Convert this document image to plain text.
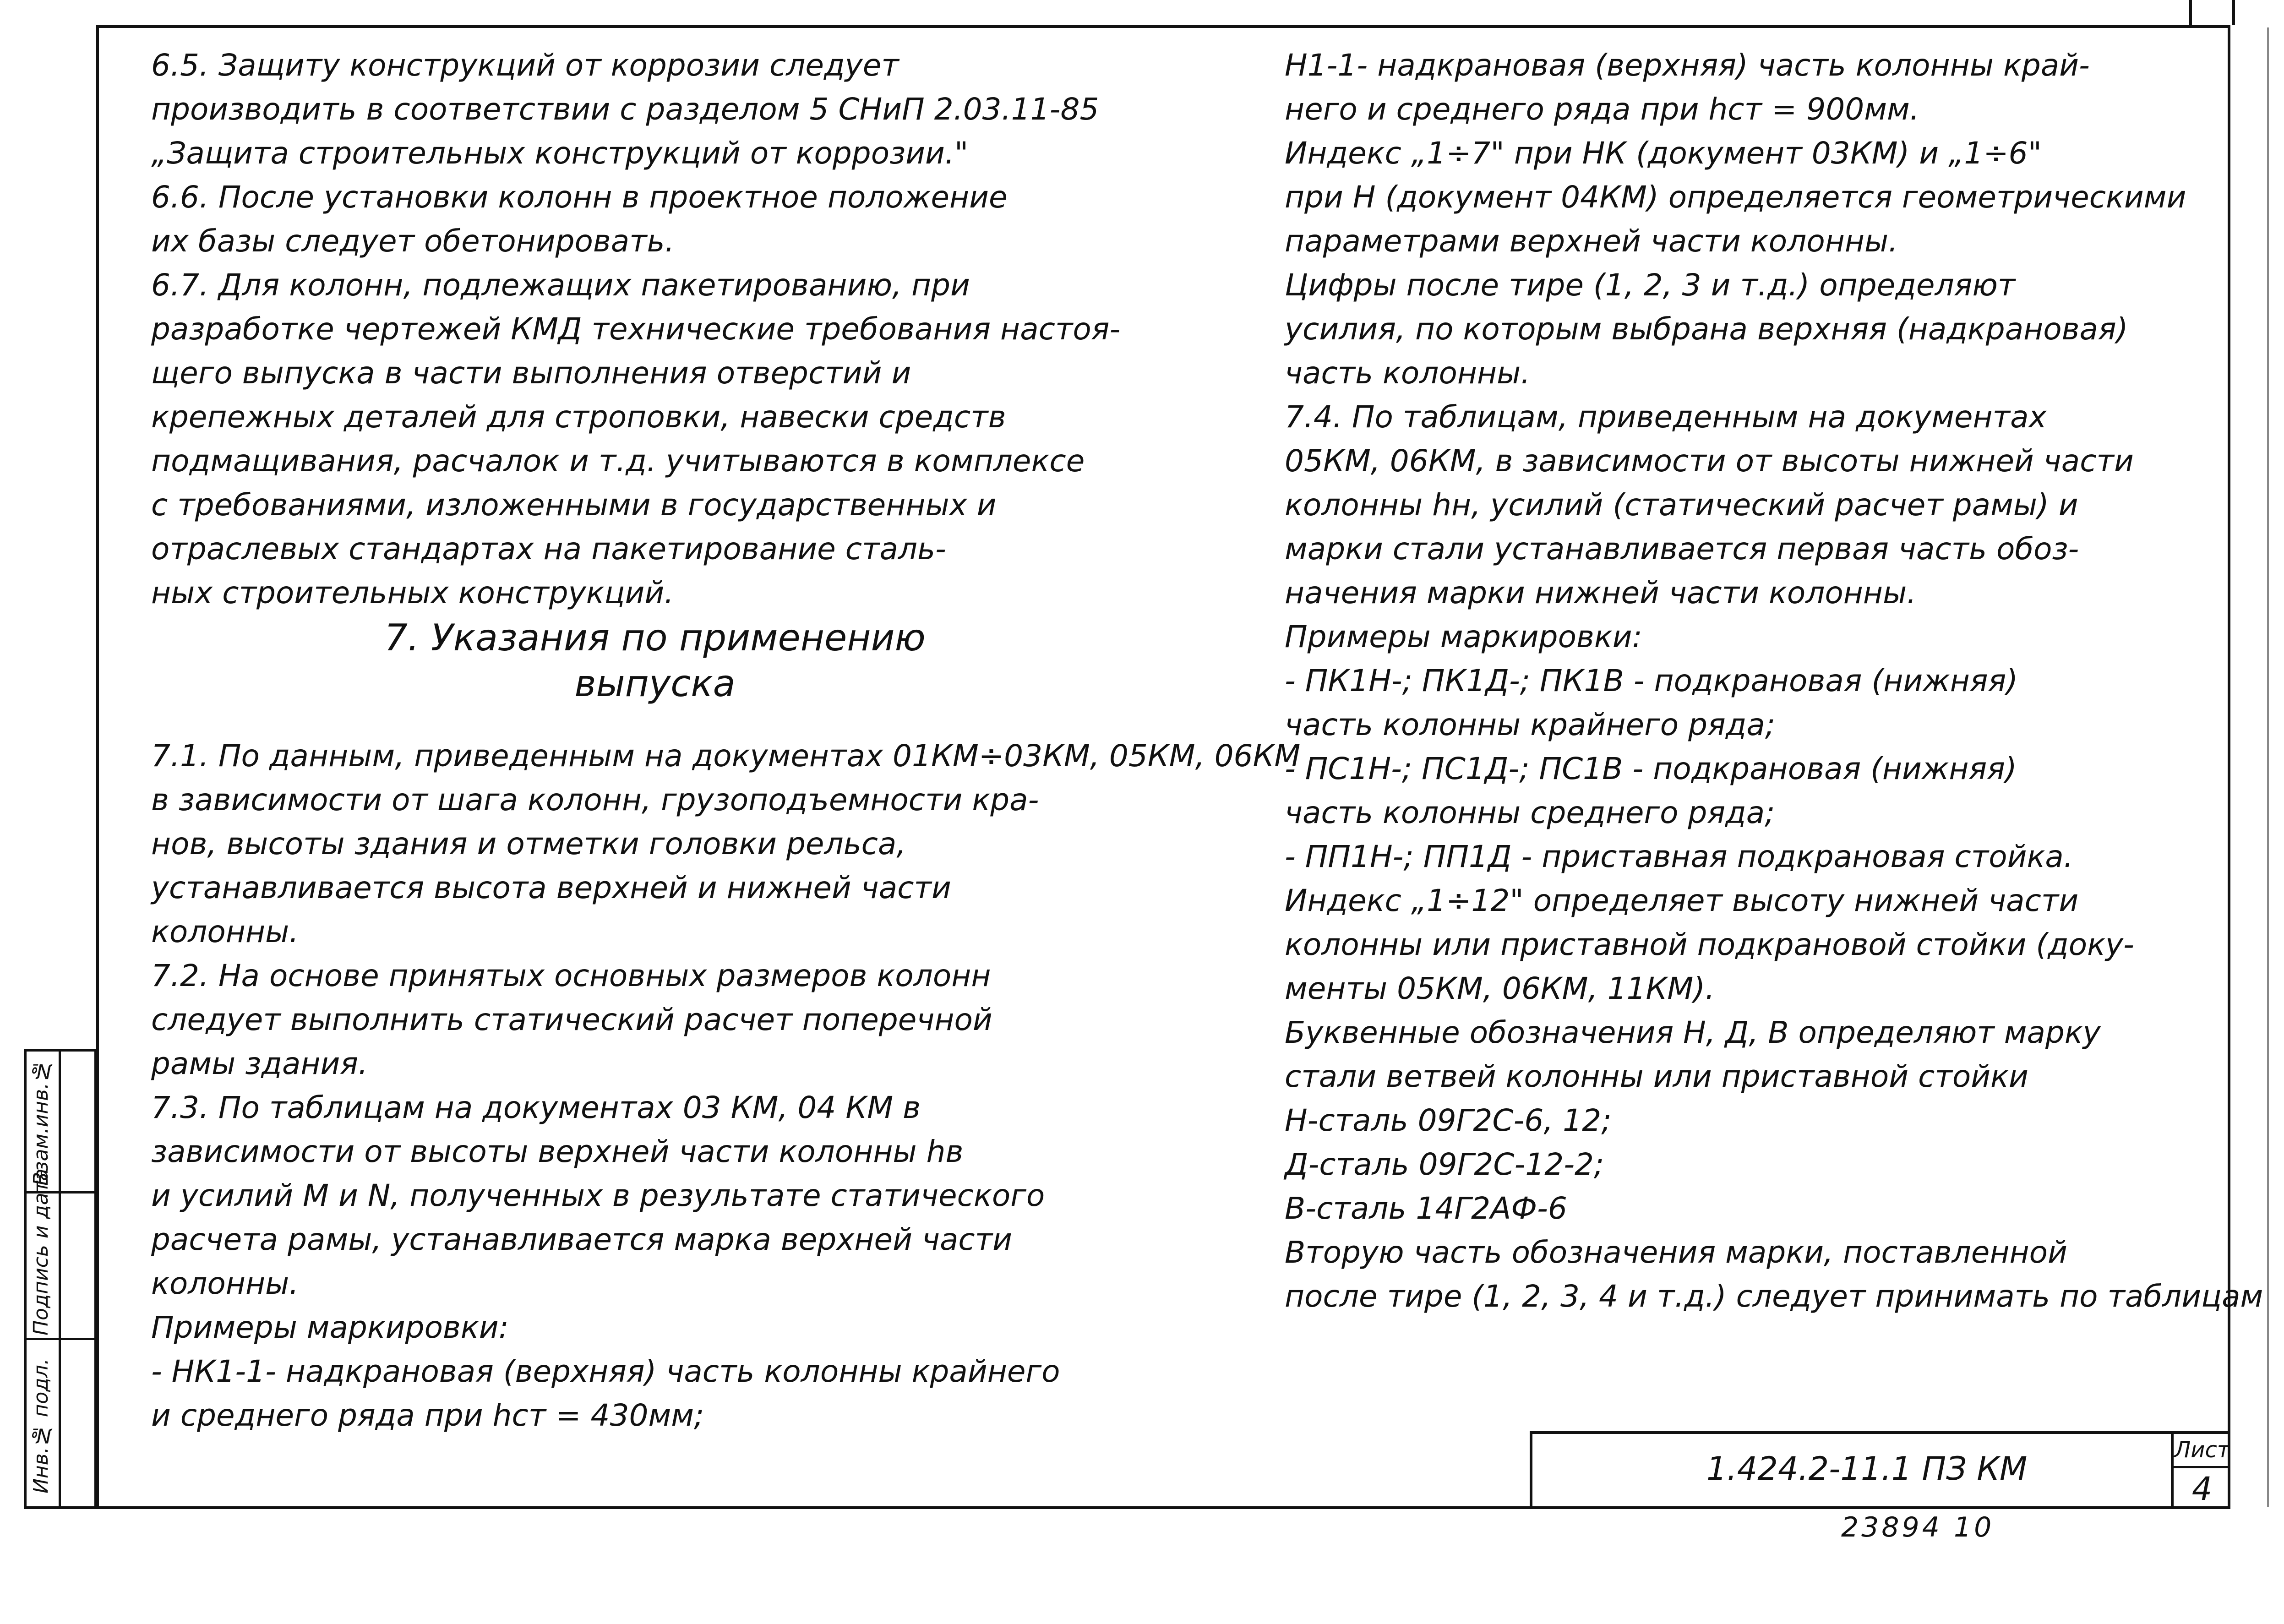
6.5. Защиту конструкций от коррозии следует

производить в соответствии с разделом 5 СНиП 2.03.11-85

„Защита строительных конструкций от коррозии."

6.6. После установки колонн в проектное положение

их базы следует обетонировать.

6.7. Для колонн, подлежащих пакетированию, при

разработке чертежей КМД технические требования настоя-

щего выпуска в части выполнения отверстий и

крепежных деталей для строповки, навески средств

подмащивания, расчалок и т.д. учитываются в комплексе

с требованиями, изложенными в государственных и

отраслевых стандартах на пакетирование сталь-

ных строительных конструкций.

7. Указания по применению

выпуска

7.1. По данным, приведенным на документах 01КМ÷03КМ, 05КМ, 06КМ

в зависимости от шага колонн, грузоподъемности кра-

нов, высоты здания и отметки головки рельса,

устанавливается высота верхней и нижней части

колонны.

7.2. На основе принятых основных размеров колонн

следует выполнить статический расчет поперечной

рамы здания.

7.3. По таблицам на документах 03 КМ, 04 КМ в

зависимости от высоты верхней части колонны hв

и усилий М и N, полученных в результате статического

расчета рамы, устанавливается марка верхней части

колонны.

Примеры маркировки:

- НК1-1- надкрановая (верхняя) часть колонны крайнего

и среднего ряда при hст = 430мм;

Н1-1- надкрановая (верхняя) часть колонны край-

него и среднего ряда при hст = 900мм.

Индекс „1÷7" при НК (документ 03КМ) и „1÷6"

при Н (документ 04КМ) определяется геометрическими

параметрами верхней части колонны.

Цифры после тире (1, 2, 3 и т.д.) определяют

усилия, по которым выбрана верхняя (надкрановая)

часть колонны.

7.4. По таблицам, приведенным на документах

05КМ, 06КМ, в зависимости от высоты нижней части

колонны hн, усилий (статический расчет рамы) и

марки стали устанавливается первая часть обоз-

начения марки нижней части колонны.

Примеры маркировки:

- ПК1Н-; ПК1Д-; ПК1В - подкрановая (нижняя)

часть колонны крайнего ряда;

- ПС1Н-; ПС1Д-; ПС1В - подкрановая (нижняя)

часть колонны среднего ряда;

- ПП1Н-; ПП1Д - приставная подкрановая стойка.

Индекс „1÷12" определяет высоту нижней части

колонны или приставной подкрановой стойки (доку-

менты 05КМ, 06КМ, 11КМ).

Буквенные обозначения Н, Д, В определяют марку

стали ветвей колонны или приставной стойки

Н-сталь 09Г2С-6, 12;

Д-сталь 09Г2С-12-2;

В-сталь 14Г2АФ-6

Вторую часть обозначения марки, поставленной

после тире (1, 2, 3, 4 и т.д.) следует принимать по таблицам

Взам.инв.№
Подпись и дата
Инв.№ подл.	1.424.2-11.1 ПЗ КМ	Лист
4
23894 10
